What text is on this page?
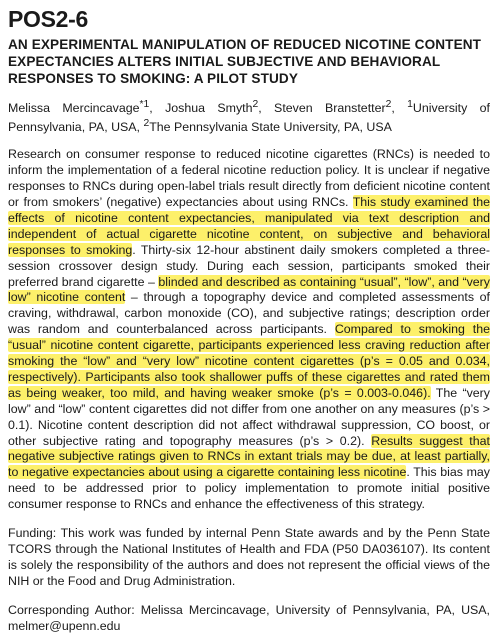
POS2-6
AN EXPERIMENTAL MANIPULATION OF REDUCED NICOTINE CONTENT EXPECTANCIES ALTERS INITIAL SUBJECTIVE AND BEHAVIORAL RESPONSES TO SMOKING: A PILOT STUDY
Melissa Mercincavage$^{*1}$, Joshua Smyth$^2$, Steven Branstetter$^2$, $^1$University of Pennsylvania, PA, USA, $^2$The Pennsylvania State University, PA, USA
Research on consumer response to reduced nicotine cigarettes (RNCs) is needed to inform the implementation of a federal nicotine reduction policy. It is unclear if negative responses to RNCs during open-label trials result directly from deficient nicotine content or from smokers’ (negative) expectancies about using RNCs. This study examined the effects of nicotine content expectancies, manipulated via text description and independent of actual cigarette nicotine content, on subjective and behavioral responses to smoking. Thirty-six 12-hour abstinent daily smokers completed a three-session crossover design study. During each session, participants smoked their preferred brand cigarette – blinded and described as containing “usual”, “low”, and “very low” nicotine content – through a topography device and completed assessments of craving, withdrawal, carbon monoxide (CO), and subjective ratings; description order was random and counterbalanced across participants. Compared to smoking the “usual” nicotine content cigarette, participants experienced less craving reduction after smoking the “low” and “very low” nicotine content cigarettes (p’s = 0.05 and 0.034, respectively). Participants also took shallower puffs of these cigarettes and rated them as being weaker, too mild, and having weaker smoke (p’s = 0.003-0.046). The “very low” and “low” content cigarettes did not differ from one another on any measures (p’s > 0.1). Nicotine content description did not affect withdrawal suppression, CO boost, or other subjective rating and topography measures (p’s > 0.2). Results suggest that negative subjective ratings given to RNCs in extant trials may be due, at least partially, to negative expectancies about using a cigarette containing less nicotine. This bias may need to be addressed prior to policy implementation to promote initial positive consumer response to RNCs and enhance the effectiveness of this strategy.
Funding: This work was funded by internal Penn State awards and by the Penn State TCORS through the National Institutes of Health and FDA (P50 DA036107). Its content is solely the responsibility of the authors and does not represent the official views of the NIH or the Food and Drug Administration.
Corresponding Author: Melissa Mercincavage, University of Pennsylvania, PA, USA, melmer@upenn.edu
